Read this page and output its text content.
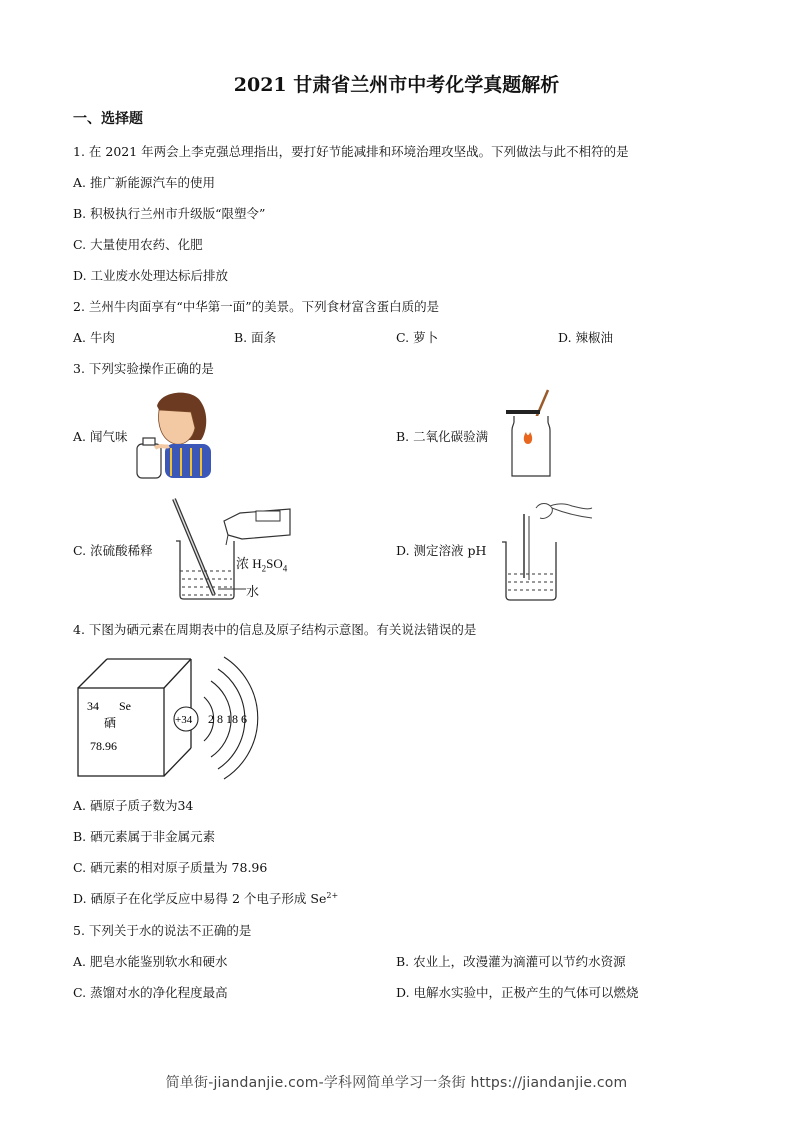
2021 甘肃省兰州市中考化学真题解析
一、选择题
1. 在 2021 年两会上李克强总理指出，要打好节能减排和环境治理攻坚战。下列做法与此不相符的是
A. 推广新能源汽车的使用
B. 积极执行兰州市升级版“限塑令”
C. 大量使用农药、化肥
D. 工业废水处理达标后排放
2. 兰州牛肉面享有“中华第一面”的美景。下列食材富含蛋白质的是
A. 牛肉	B. 面条	C. 萝卜	D. 辣椒油
3. 下列实验操作正确的是
A. 闻气味	B. 二氧化碳验满
C. 浓硫酸稀释	D. 测定溶液 pH
浓 $H_2SO_4$
水
4. 下图为硒元素在周期表中的信息及原子结构示意图。有关说法错误的是
34 Se
硒
78.96
+34 2 8 18 6
A. 硒原子质子数为34
B. 硒元素属于非金属元素
C. 硒元素的相对原子质量为 78.96
D. 硒原子在化学反应中易得 2 个电子形成 $Se^{2+}$
5. 下列关于水的说法不正确的是
A. 肥皂水能鉴别软水和硬水	B. 农业上，改漫灌为滴灌可以节约水资源
C. 蒸馏对水的净化程度最高	D. 电解水实验中，正极产生的气体可以燃烧
简单街-jiandanjie.com-学科网简单学习一条街 https://jiandanjie.com
